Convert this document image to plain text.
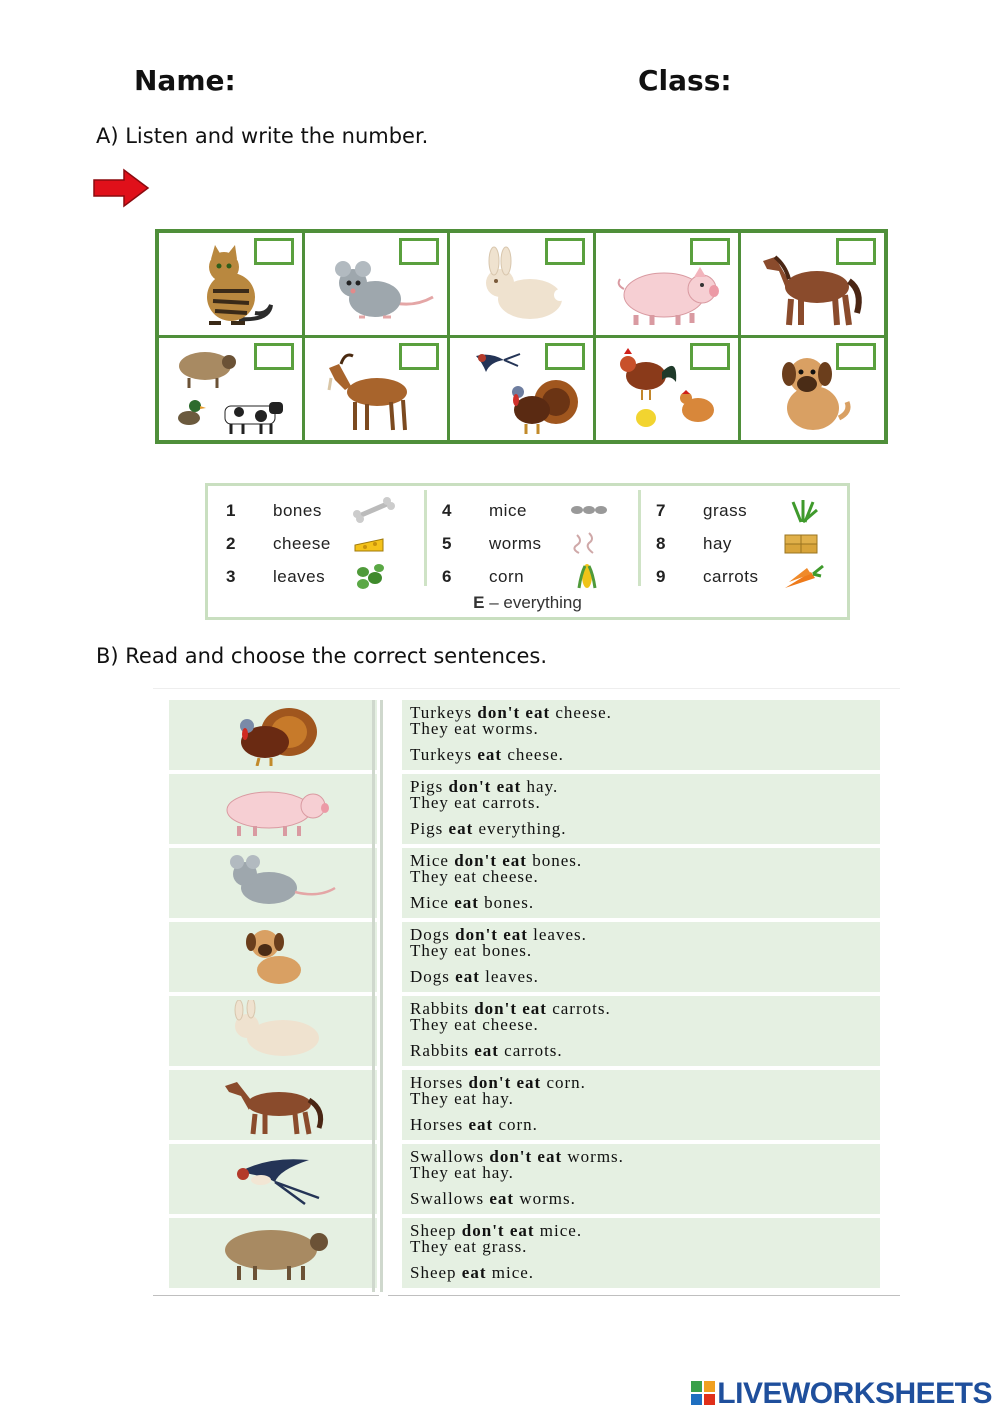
Name:	Class:
A) Listen and write the number.
1	bones
2	cheese
3	leaves
4	mice
5	worms
6	corn
7	grass
8	hay
9	carrots
E – everything
B) Read and choose the correct sentences.
Turkeys don't eat cheese.
They eat worms.
Turkeys eat cheese.
Pigs don't eat hay.
They eat carrots.
Pigs eat everything.
Mice don't eat bones.
They eat cheese.
Mice eat bones.
Dogs don't eat leaves.
They eat bones.
Dogs eat leaves.
Rabbits don't eat carrots.
They eat cheese.
Rabbits eat carrots.
Horses don't eat corn.
They eat hay.
Horses eat corn.
Swallows don't eat worms.
They eat hay.
Swallows eat worms.
Sheep don't eat mice.
They eat grass.
Sheep eat mice.
LIVEWORKSHEETS
